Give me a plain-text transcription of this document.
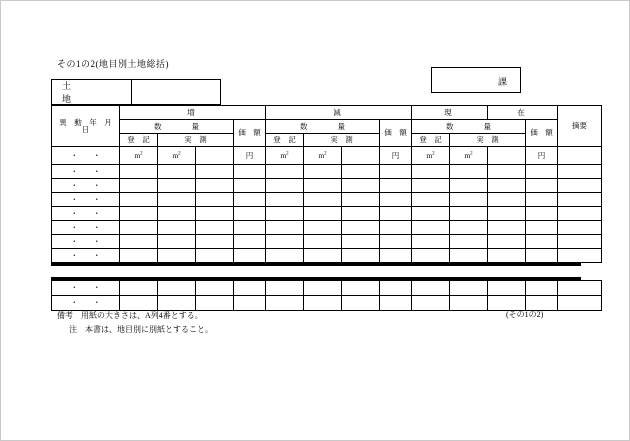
その1の2(地目別土地総括)
土　　地
課
異　動　年　月　日	増				減				現		在		摘要
	数　　　　量			価　額	数　　　　量			価　額	数　　　　量			価　額	
	登　記	実　測			登　記	実　測			登　記	実　測			
・　　・	$m^2$	$m^2$		円	$m^2$	$m^2$		円	$m^2$	$m^2$		円	
・　　・													
・　　・													
・　　・													
・　　・													
・　　・													
・　　・													
・　　・													
・　　・													
・　　・													
備考　用紙の大きさは、A列4番とする。
注　本書は、地目別に別紙とすること。
(その1の2)
